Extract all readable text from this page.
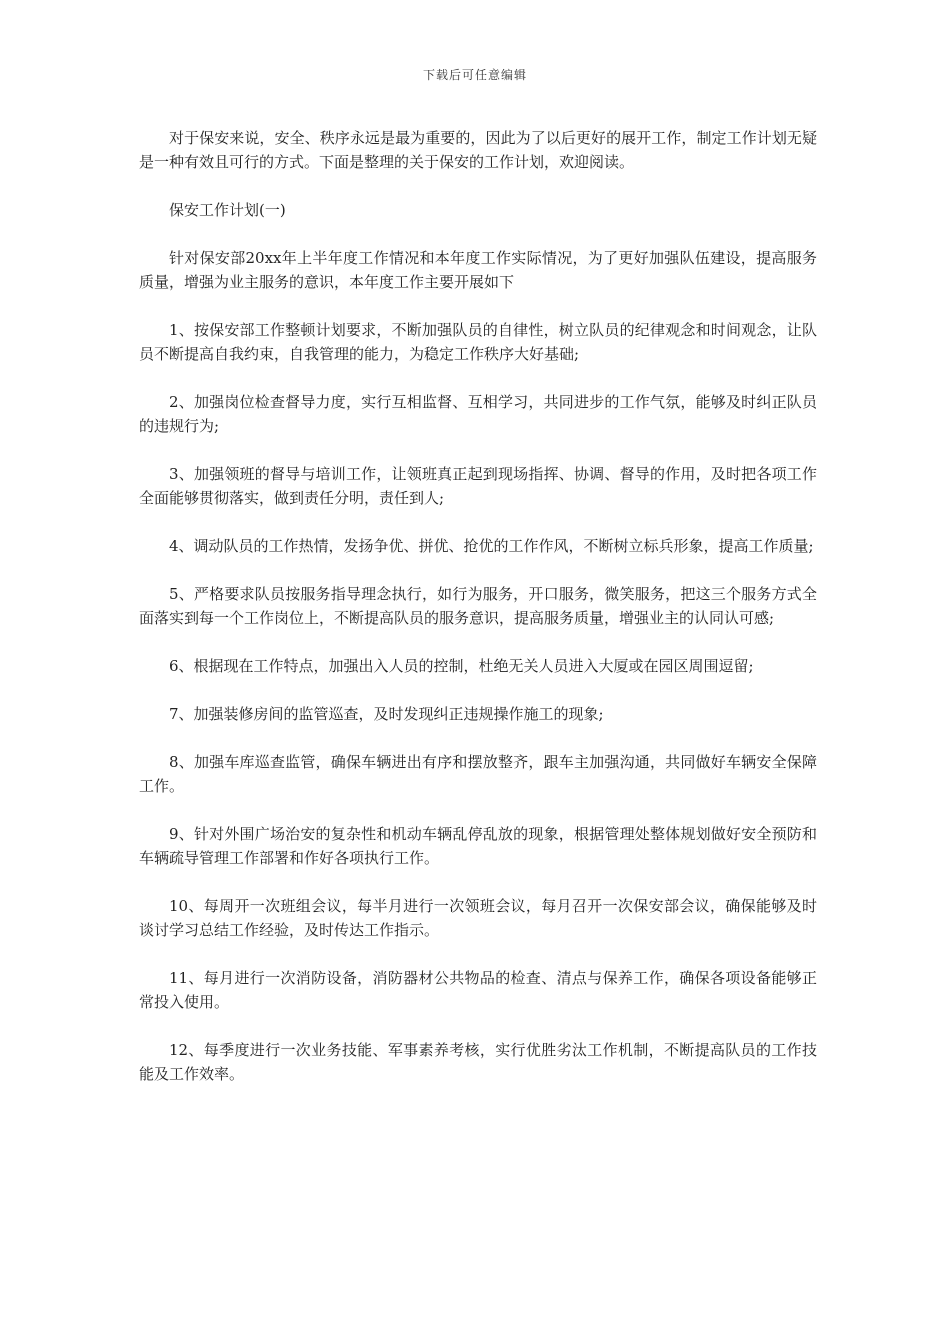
下载后可任意编辑

对于保安来说，安全、秩序永远是最为重要的，因此为了以后更好的展开工作，制定工作计划无疑是一种有效且可行的方式。下面是整理的关于保安的工作计划，欢迎阅读。

保安工作计划(一)

针对保安部20xx年上半年度工作情况和本年度工作实际情况，为了更好加强队伍建设，提高服务质量，增强为业主服务的意识，本年度工作主要开展如下

1、按保安部工作整顿计划要求，不断加强队员的自律性，树立队员的纪律观念和时间观念，让队员不断提高自我约束，自我管理的能力，为稳定工作秩序大好基础;

2、加强岗位检查督导力度，实行互相监督、互相学习，共同进步的工作气氛，能够及时纠正队员的违规行为;

3、加强领班的督导与培训工作，让领班真正起到现场指挥、协调、督导的作用，及时把各项工作全面能够贯彻落实，做到责任分明，责任到人;

4、调动队员的工作热情，发扬争优、拼优、抢优的工作作风，不断树立标兵形象，提高工作质量;

5、严格要求队员按服务指导理念执行，如行为服务，开口服务，微笑服务，把这三个服务方式全面落实到每一个工作岗位上，不断提高队员的服务意识，提高服务质量，增强业主的认同认可感;

6、根据现在工作特点，加强出入人员的控制，杜绝无关人员进入大厦或在园区周围逗留;

7、加强装修房间的监管巡查，及时发现纠正违规操作施工的现象;

8、加强车库巡查监管，确保车辆进出有序和摆放整齐，跟车主加强沟通，共同做好车辆安全保障工作。

9、针对外围广场治安的复杂性和机动车辆乱停乱放的现象，根据管理处整体规划做好安全预防和车辆疏导管理工作部署和作好各项执行工作。

10、每周开一次班组会议，每半月进行一次领班会议，每月召开一次保安部会议，确保能够及时谈讨学习总结工作经验，及时传达工作指示。

11、每月进行一次消防设备，消防器材公共物品的检查、清点与保养工作，确保各项设备能够正常投入使用。

12、每季度进行一次业务技能、军事素养考核，实行优胜劣汰工作机制，不断提高队员的工作技能及工作效率。
